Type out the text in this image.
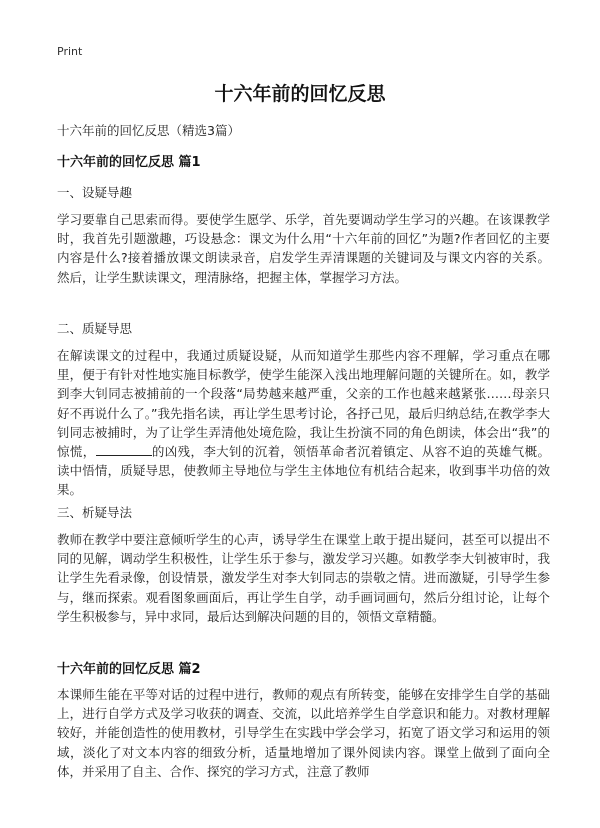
Print
十六年前的回忆反思
十六年前的回忆反思（精选3篇）
十六年前的回忆反思 篇1
一、设疑导趣
学习要靠自己思索而得。要使学生愿学、乐学，首先要调动学生学习的兴趣。在该课教学时，我首先引题激趣，巧设悬念：课文为什么用“十六年前的回忆”为题?作者回忆的主要内容是什么?接着播放课文朗读录音，启发学生弄清课题的关键词及与课文内容的关系。然后，让学生默读课文，理清脉络，把握主体，掌握学习方法。
二、质疑导思
在解读课文的过程中，我通过质疑设疑，从而知道学生那些内容不理解，学习重点在哪里，便于有针对性地实施目标教学，使学生能深入浅出地理解问题的关键所在。如，教学到李大钊同志被捕前的一个段落“局势越来越严重，父亲的工作也越来越紧张……母亲只好不再说什么了。”我先指名读，再让学生思考讨论，各抒己见，最后归纳总结,在教学李大钊同志被捕时，为了让学生弄清他处境危险，我让生扮演不同的角色朗读，体会出“我”的惊慌，	的凶残，李大钊的沉着，领悟革命者沉着镇定、从容不迫的英雄气概。读中悟情，质疑导思，使教师主导地位与学生主体地位有机结合起来，收到事半功倍的效果。
三、析疑导法
教师在教学中要注意倾听学生的心声，诱导学生在课堂上敢于提出疑问，甚至可以提出不同的见解，调动学生积极性，让学生乐于参与，激发学习兴趣。如教学李大钊被审时，我让学生先看录像，创设情景，激发学生对李大钊同志的崇敬之情。进而激疑，引导学生参与，继而探索。观看图象画面后，再让学生自学，动手画词画句，然后分组讨论，让每个学生积极参与，异中求同，最后达到解决问题的目的，领悟文章精髓。
十六年前的回忆反思 篇2
本课师生能在平等对话的过程中进行，教师的观点有所转变，能够在安排学生自学的基础上，进行自学方式及学习收获的调查、交流，以此培养学生自学意识和能力。对教材理解较好，并能创造性的使用教材，引导学生在实践中学会学习，拓宽了语文学习和运用的领域，淡化了对文本内容的细致分析，适量地增加了课外阅读内容。课堂上做到了面向全体，并采用了自主、合作、探究的学习方式，注意了教师
